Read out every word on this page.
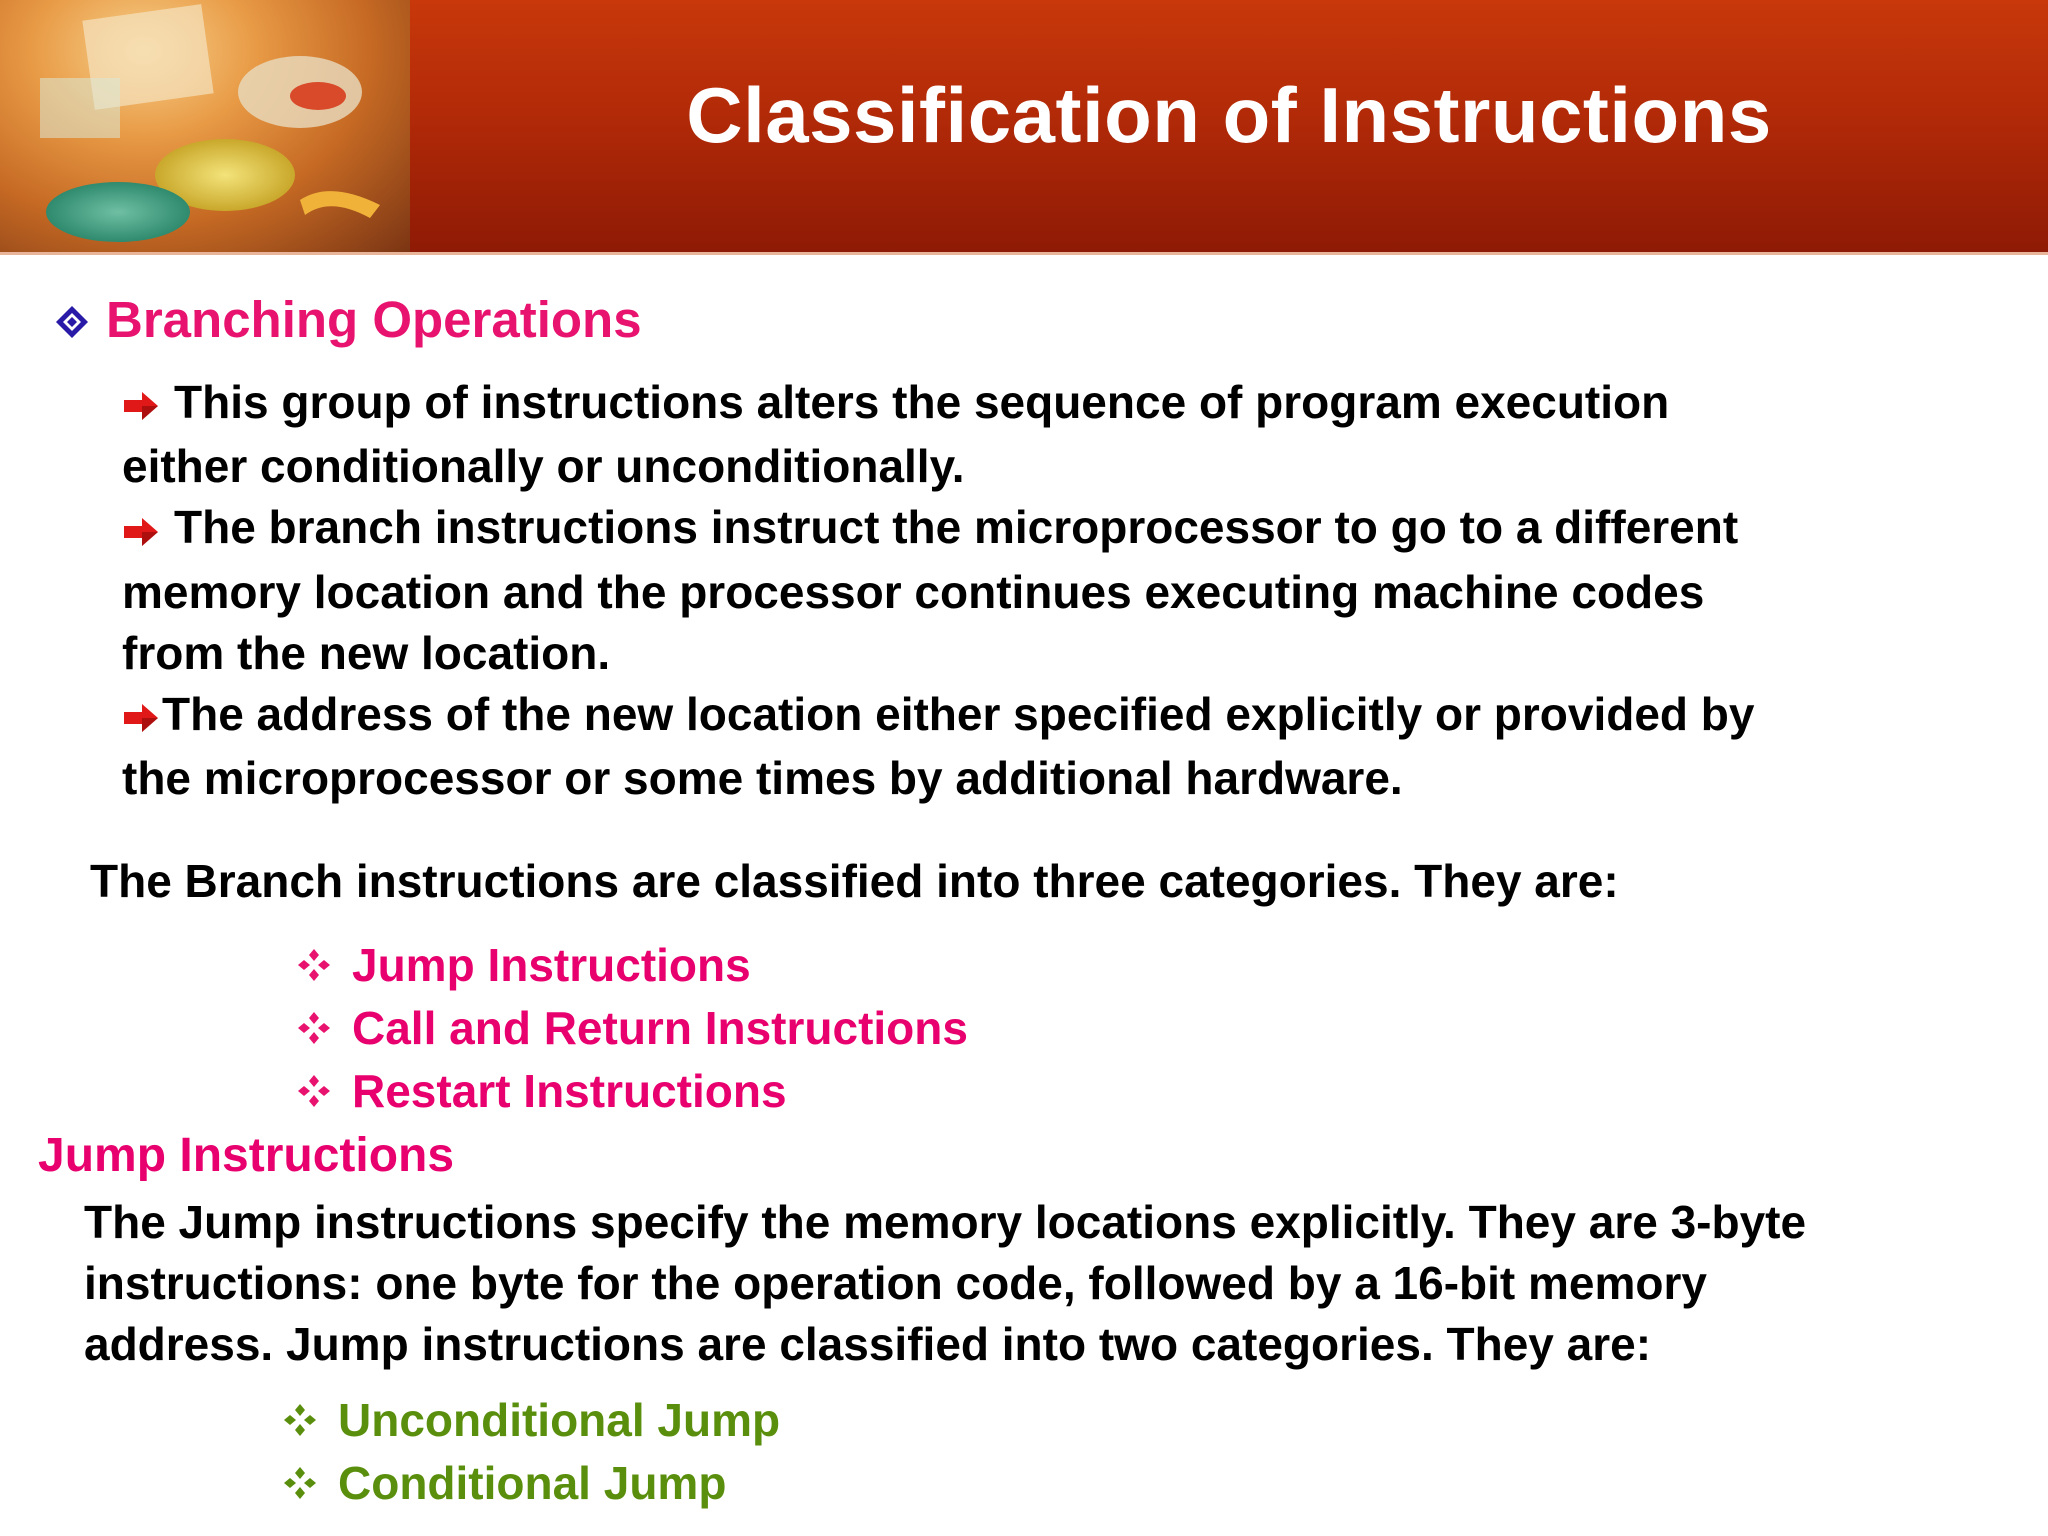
Classification of Instructions
Branching Operations
This group of instructions alters the sequence of program execution
either conditionally or unconditionally.
The branch instructions instruct the microprocessor to go to a different
memory location and the processor continues executing machine codes
from the new location.
The address of the new location either specified explicitly or provided by
the microprocessor or some times by additional hardware.
The Branch instructions are classified into three categories. They are:
Jump Instructions
Call and Return Instructions
Restart Instructions
Jump Instructions
The Jump instructions specify the memory locations explicitly. They are 3-byte
instructions: one byte for the operation code, followed by a 16-bit memory
address. Jump instructions are classified into two categories. They are:
Unconditional Jump
Conditional Jump
